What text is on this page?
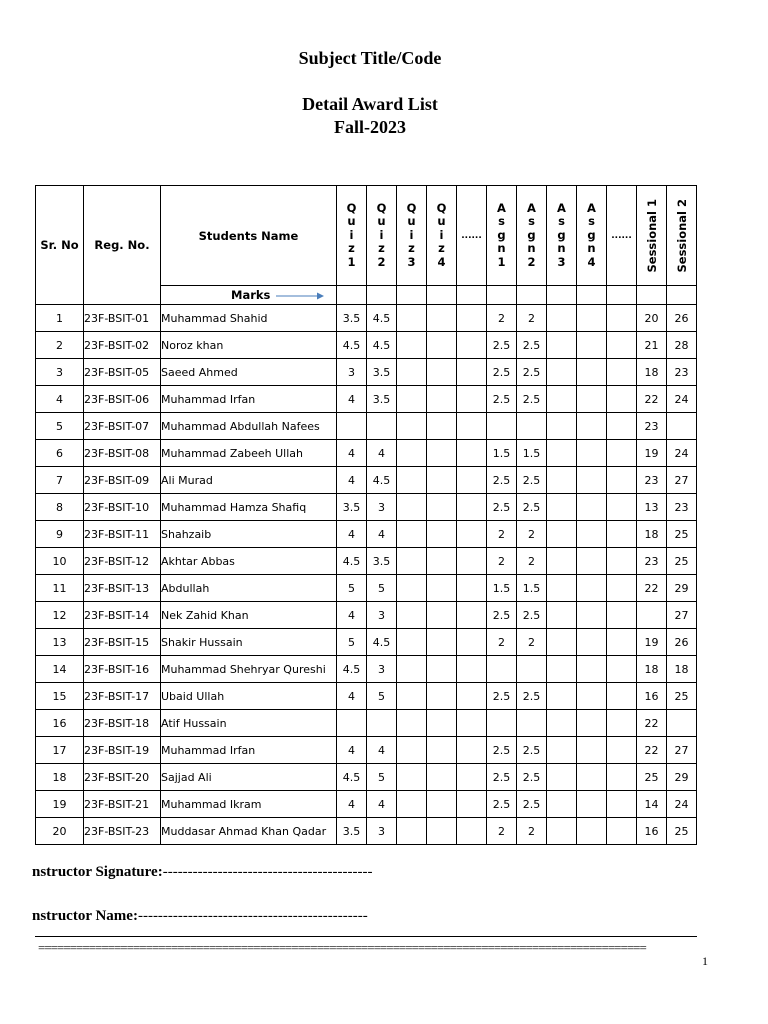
Subject Title/Code
Detail Award List
Fall-2023
Sr. No	Reg. No.	Students Name	Q
u
i
z
1	Q
u
i
z
2	Q
u
i
z
3	Q
u
i
z
4	......	A
s
g
n
1	A
s
g
n
2	A
s
g
n
3	A
s
g
n
4	......	Sessional 1	Sessional 2

		Marks												

1	23F-BSIT-01	Muhammad Shahid	3.5	4.5				2	2				20	26
2	23F-BSIT-02	Noroz khan	4.5	4.5				2.5	2.5				21	28
3	23F-BSIT-05	Saeed Ahmed	3	3.5				2.5	2.5				18	23
4	23F-BSIT-06	Muhammad Irfan	4	3.5				2.5	2.5				22	24
5	23F-BSIT-07	Muhammad Abdullah Nafees											23	
6	23F-BSIT-08	Muhammad Zabeeh Ullah	4	4				1.5	1.5				19	24
7	23F-BSIT-09	Ali Murad	4	4.5				2.5	2.5				23	27
8	23F-BSIT-10	Muhammad Hamza Shafiq	3.5	3				2.5	2.5				13	23
9	23F-BSIT-11	Shahzaib	4	4				2	2				18	25
10	23F-BSIT-12	Akhtar Abbas	4.5	3.5				2	2				23	25
11	23F-BSIT-13	Abdullah	5	5				1.5	1.5				22	29
12	23F-BSIT-14	Nek Zahid Khan	4	3				2.5	2.5					27
13	23F-BSIT-15	Shakir Hussain	5	4.5				2	2				19	26
14	23F-BSIT-16	Muhammad Shehryar Qureshi	4.5	3									18	18
15	23F-BSIT-17	Ubaid Ullah	4	5				2.5	2.5				16	25
16	23F-BSIT-18	Atif Hussain											22	
17	23F-BSIT-19	Muhammad Irfan	4	4				2.5	2.5				22	27
18	23F-BSIT-20	Sajjad Ali	4.5	5				2.5	2.5				25	29
19	23F-BSIT-21	Muhammad Ikram	4	4				2.5	2.5				14	24
20	23F-BSIT-23	Muddasar Ahmad Khan Qadar	3.5	3				2	2				16	25
nstructor Signature:------------------------------------------
nstructor Name:----------------------------------------------
================================================================================================
1
